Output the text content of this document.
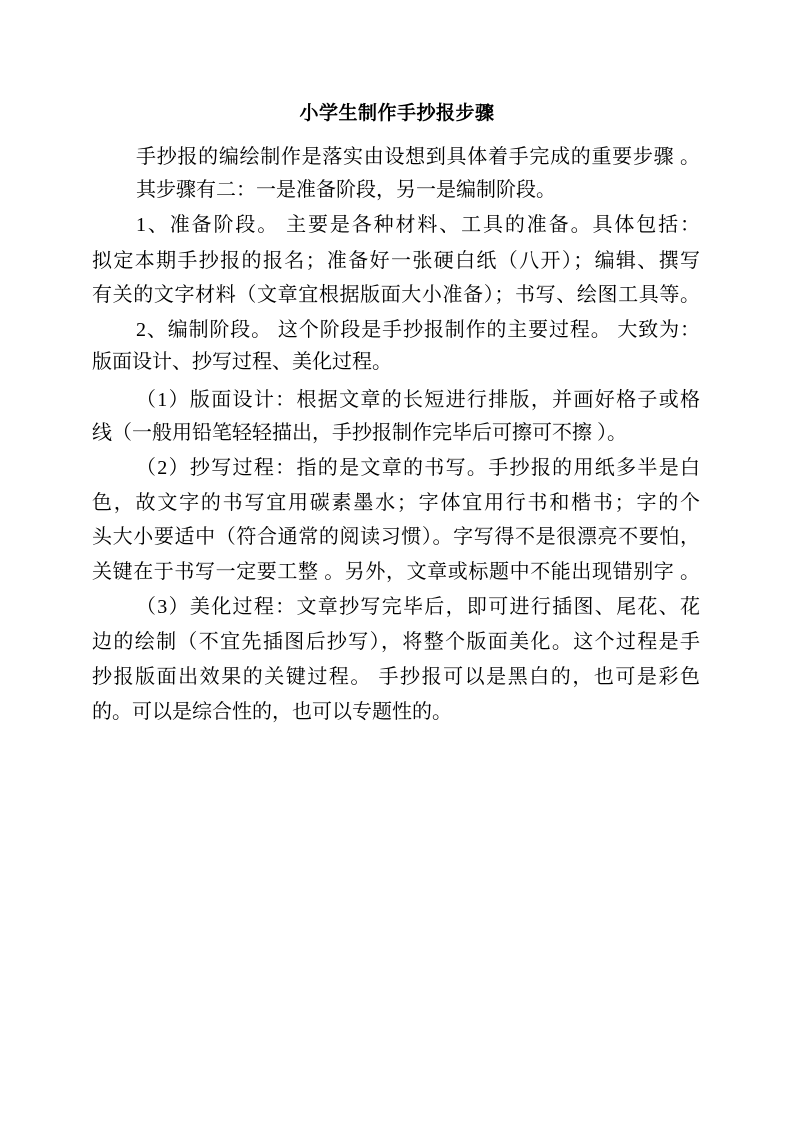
小学生制作手抄报步骤
手抄报的编绘制作是落实由设想到具体着手完成的重要步骤 。
其步骤有二：一是准备阶段，另一是编制阶段。
1、准备阶段。 主要是各种材料、工具的准备。具体包括：
拟定本期手抄报的报名；准备好一张硬白纸（八开）；编辑、撰写
有关的文字材料（文章宜根据版面大小准备）；书写、绘图工具等。
2、编制阶段。 这个阶段是手抄报制作的主要过程。 大致为：
版面设计、抄写过程、美化过程。
（1）版面设计：根据文章的长短进行排版，并画好格子或格
线（一般用铅笔轻轻描出，手抄报制作完毕后可擦可不擦 ）。
（2）抄写过程：指的是文章的书写。手抄报的用纸多半是白
色，故文字的书写宜用碳素墨水；字体宜用行书和楷书；字的个
头大小要适中（符合通常的阅读习惯）。字写得不是很漂亮不要怕，
关键在于书写一定要工整 。另外，文章或标题中不能出现错别字 。
（3）美化过程：文章抄写完毕后，即可进行插图、尾花、花
边的绘制（不宜先插图后抄写），将整个版面美化。这个过程是手
抄报版面出效果的关键过程。 手抄报可以是黑白的，也可是彩色
的。可以是综合性的，也可以专题性的。
